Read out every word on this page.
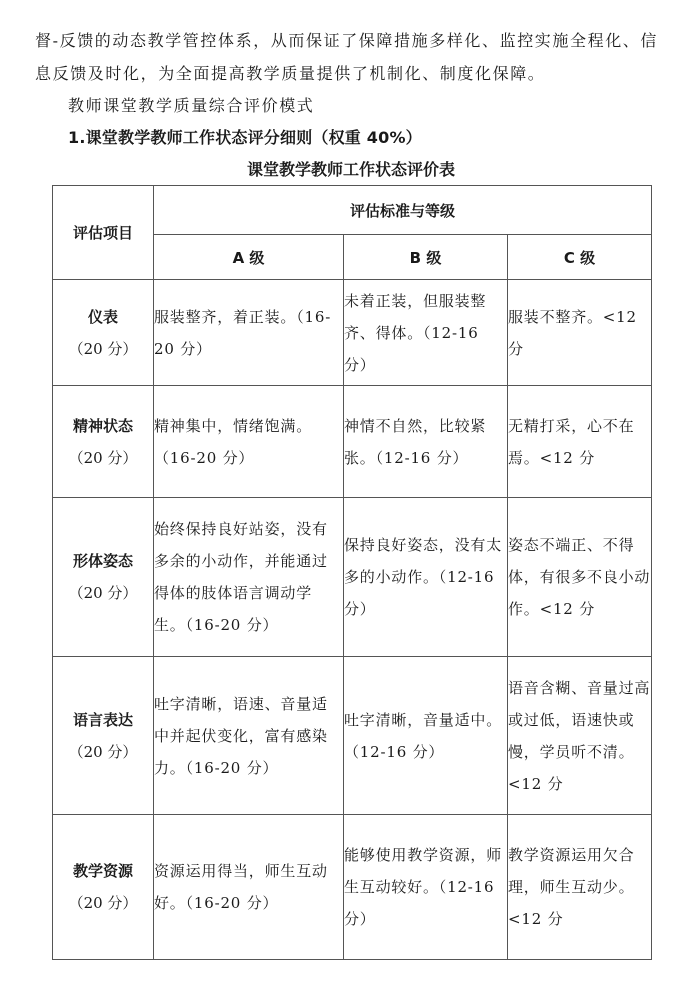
督-反馈的动态教学管控体系，从而保证了保障措施多样化、监控实施全程化、信
息反馈及时化，为全面提高教学质量提供了机制化、制度化保障。
教师课堂教学质量综合评价模式
1.课堂教学教师工作状态评分细则（权重 40%）
课堂教学教师工作状态评价表
评估项目	评估标准与等级		
	A 级	B 级	C 级

仪表
（20 分）	服装整齐，着正装。（16-20 分）	未着正装，但服装整齐、得体。（12-16 分）	服装不整齐。<12 分

精神状态
（20 分）	精神集中，情绪饱满。（16-20 分）	神情不自然，比较紧张。（12-16 分）	无精打采，心不在焉。<12 分

形体姿态
（20 分）	始终保持良好站姿，没有多余的小动作，并能通过得体的肢体语言调动学生。（16-20 分）	保持良好姿态，没有太多的小动作。（12-16 分）	姿态不端正、不得体，有很多不良小动作。<12 分

语言表达
（20 分）	吐字清晰，语速、音量适中并起伏变化，富有感染力。（16-20 分）	吐字清晰，音量适中。（12-16 分）	语音含糊、音量过高或过低，语速快或慢，学员听不清。<12 分

教学资源
（20 分）	资源运用得当，师生互动好。（16-20 分）	能够使用教学资源，师生互动较好。（12-16 分）	教学资源运用欠合理，师生互动少。<12 分
